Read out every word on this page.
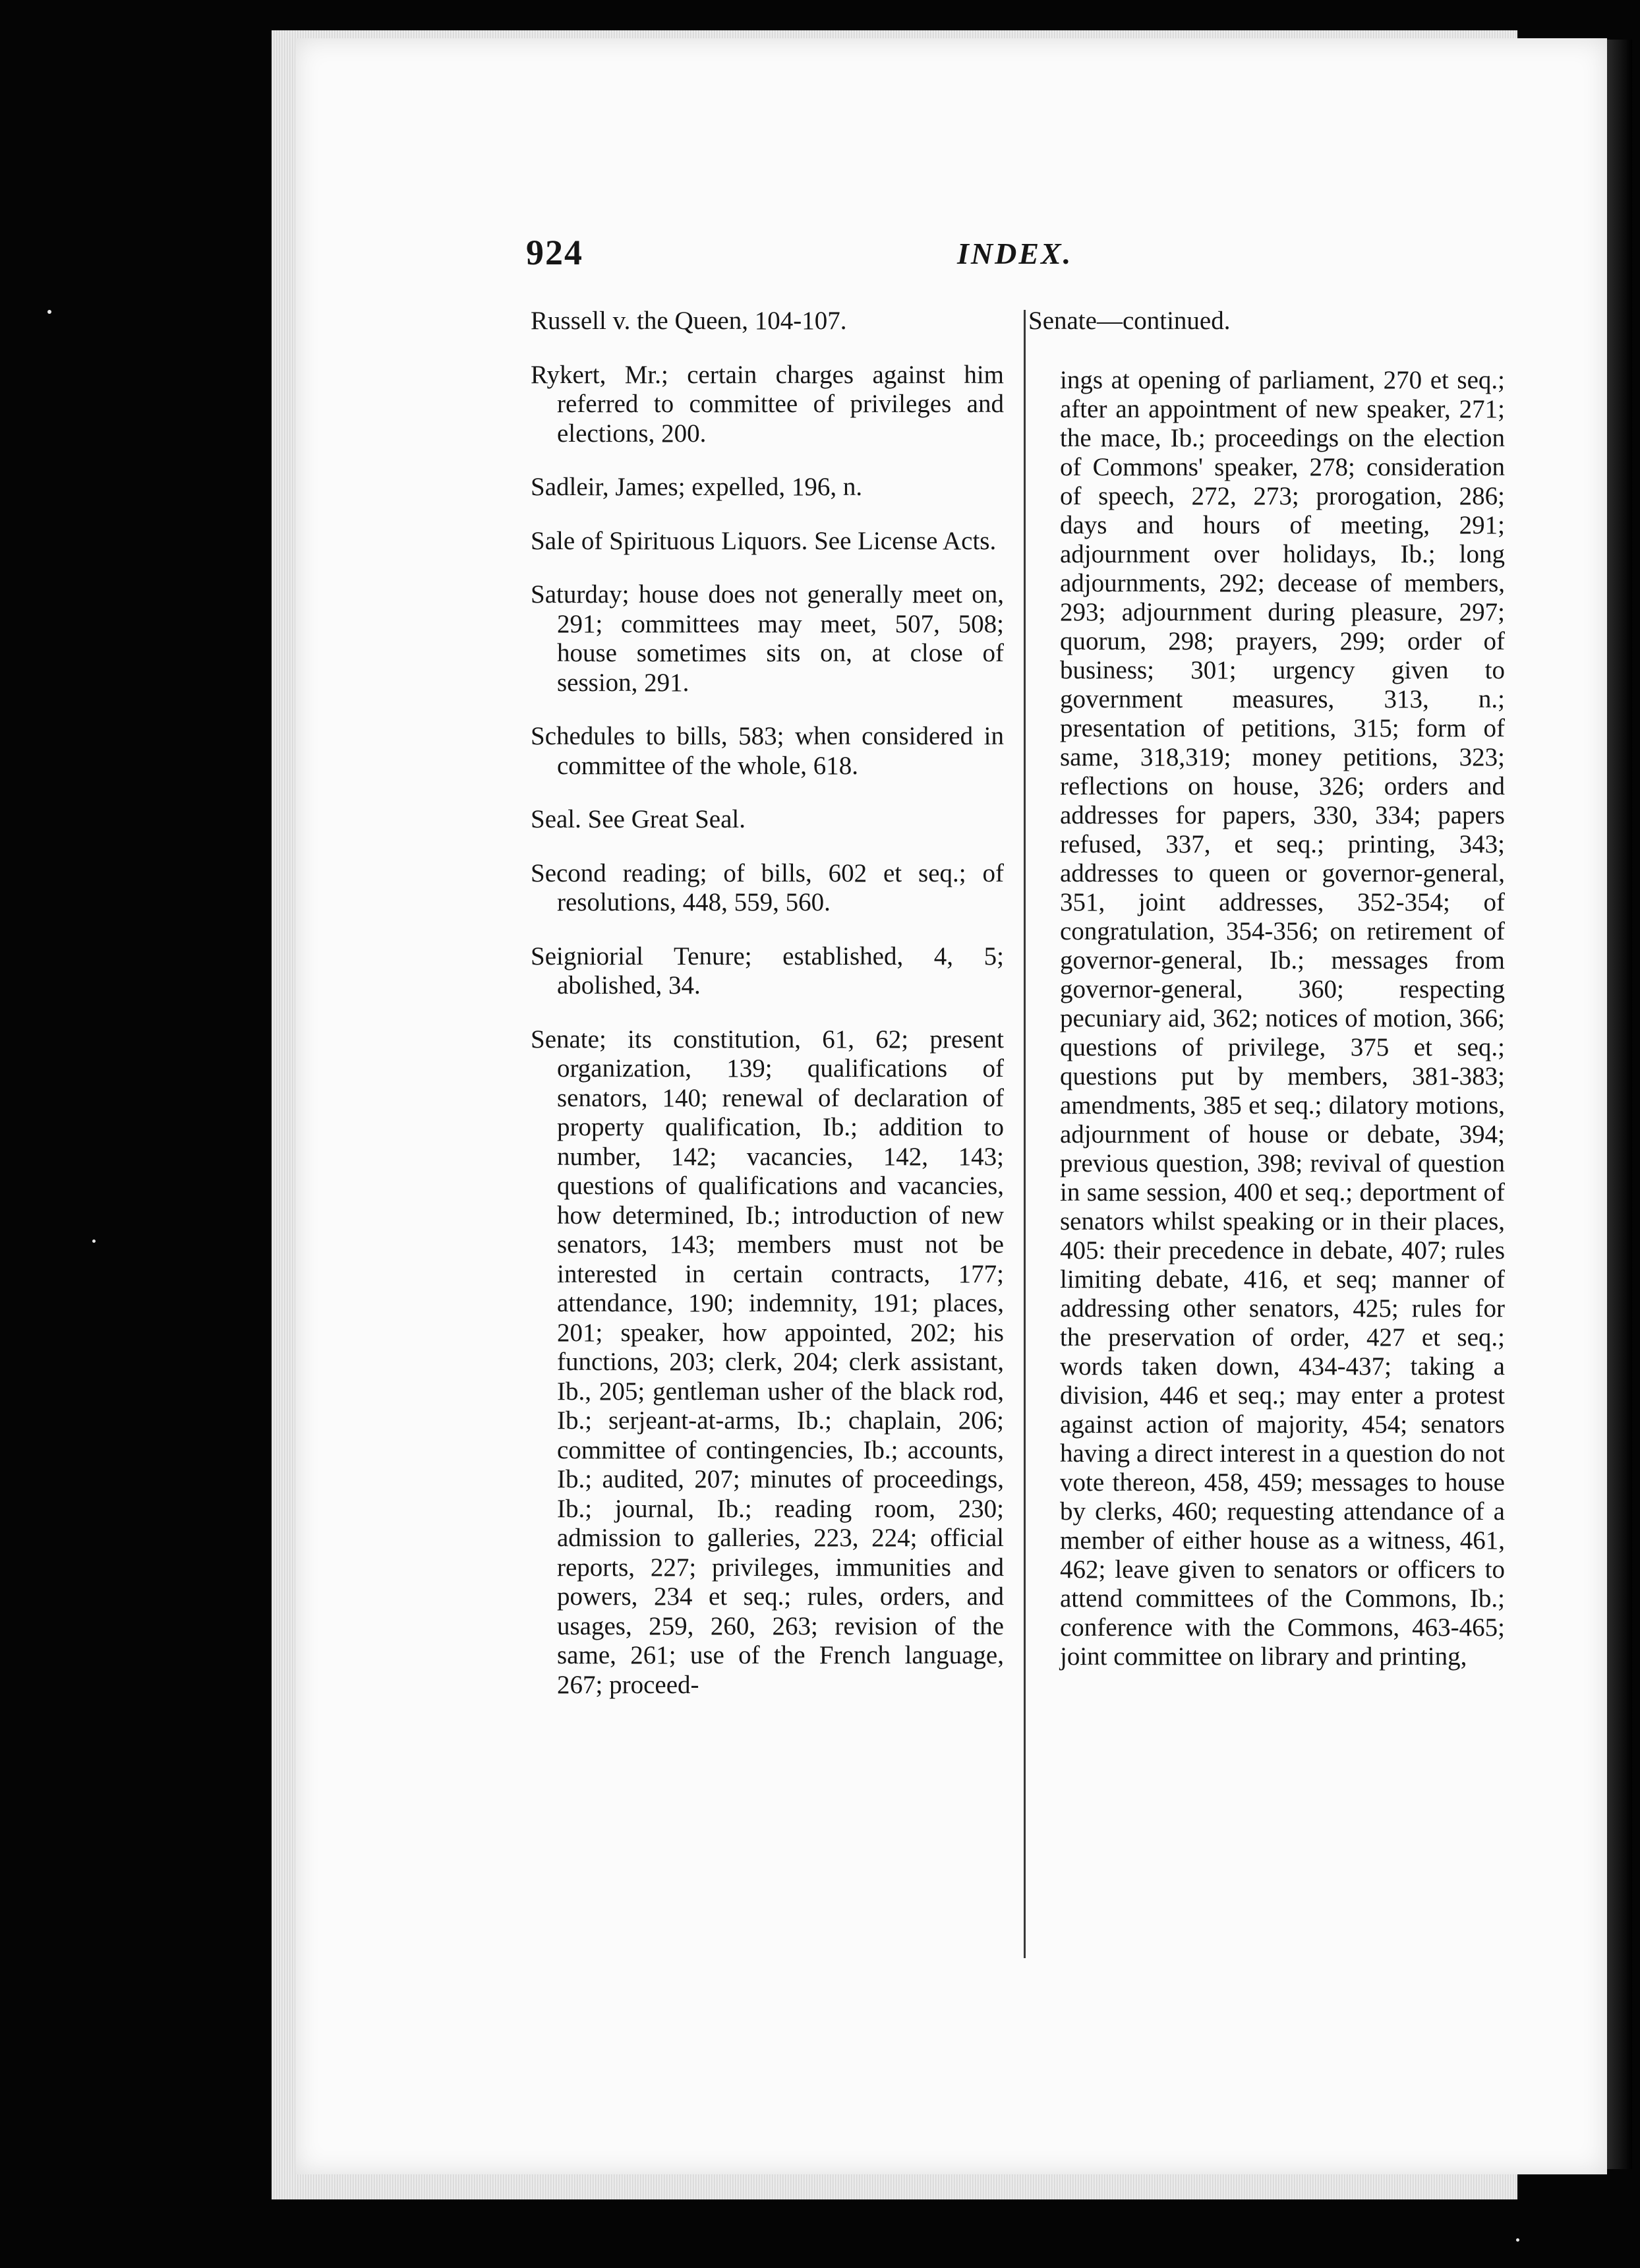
924	INDEX.

Russell v. the Queen, 104-107.

Rykert, Mr.; certain charges against him referred to committee of privileges and elections, 200.

Sadleir, James; expelled, 196, n.

Sale of Spirituous Liquors. See License Acts.

Saturday; house does not generally meet on, 291; committees may meet, 507, 508; house sometimes sits on, at close of session, 291.

Schedules to bills, 583; when considered in committee of the whole, 618.

Seal. See Great Seal.

Second reading; of bills, 602 et seq.; of resolutions, 448, 559, 560.

Seigniorial Tenure; established, 4, 5; abolished, 34.

Senate; its constitution, 61, 62; present organization, 139; qualifications of senators, 140; renewal of declaration of property qualification, Ib.; addition to number, 142; vacancies, 142, 143; questions of qualifications and vacancies, how determined, Ib.; introduction of new senators, 143; members must not be interested in certain contracts, 177; attendance, 190; indemnity, 191; places, 201; speaker, how appointed, 202; his functions, 203; clerk, 204; clerk assistant, Ib., 205; gentleman usher of the black rod, Ib.; serjeant-at-arms, Ib.; chaplain, 206; committee of contingencies, Ib.; accounts, Ib.; audited, 207; minutes of proceedings, Ib.; journal, Ib.; reading room, 230; admission to galleries, 223, 224; official reports, 227; privileges, immunities and powers, 234 et seq.; rules, orders, and usages, 259, 260, 263; revision of the same, 261; use of the French language, 267; proceed-

Senate—continued.

ings at opening of parliament, 270 et seq.; after an appointment of new speaker, 271; the mace, Ib.; proceedings on the election of Commons' speaker, 278; consideration of speech, 272, 273; prorogation, 286; days and hours of meeting, 291; adjournment over holidays, Ib.; long adjournments, 292; decease of members, 293; adjournment during pleasure, 297; quorum, 298; prayers, 299; order of business; 301; urgency given to government measures, 313, n.; presentation of petitions, 315; form of same, 318,319; money petitions, 323; reflections on house, 326; orders and addresses for papers, 330, 334; papers refused, 337, et seq.; printing, 343; addresses to queen or governor-general, 351, joint addresses, 352-354; of congratulation, 354-356; on retirement of governor-general, Ib.; messages from governor-general, 360; respecting pecuniary aid, 362; notices of motion, 366; questions of privilege, 375 et seq.; questions put by members, 381-383; amendments, 385 et seq.; dilatory motions, adjournment of house or debate, 394; previous question, 398; revival of question in same session, 400 et seq.; deportment of senators whilst speaking or in their places, 405: their precedence in debate, 407; rules limiting debate, 416, et seq; manner of addressing other senators, 425; rules for the preservation of order, 427 et seq.; words taken down, 434-437; taking a division, 446 et seq.; may enter a protest against action of majority, 454; senators having a direct interest in a question do not vote thereon, 458, 459; messages to house by clerks, 460; requesting attendance of a member of either house as a witness, 461, 462; leave given to senators or officers to attend committees of the Commons, Ib.; conference with the Commons, 463-465; joint committee on library and printing,
